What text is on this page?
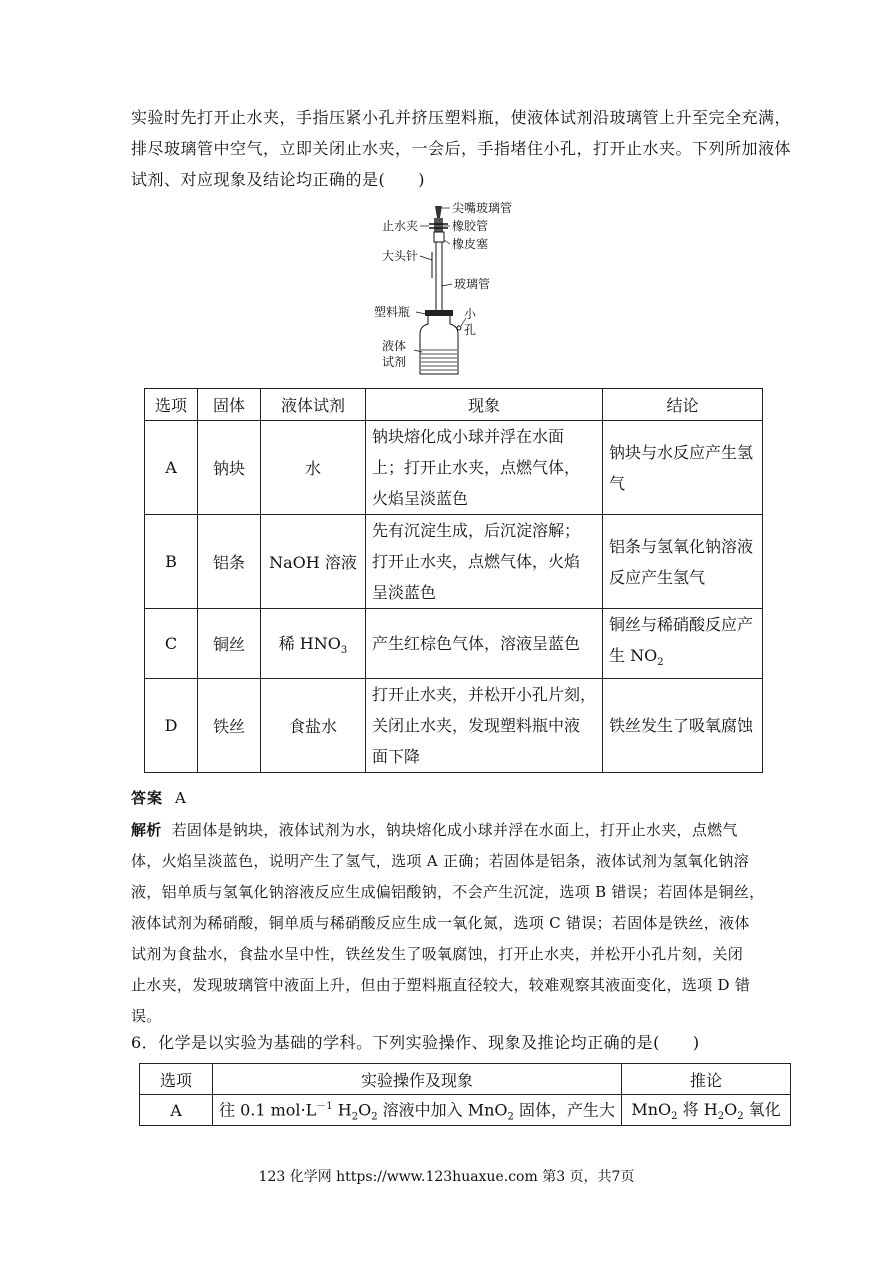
实验时先打开止水夹，手指压紧小孔并挤压塑料瓶，使液体试剂沿玻璃管上升至完全充满，
排尽玻璃管中空气，立即关闭止水夹，一会后，手指堵住小孔，打开止水夹。下列所加液体
试剂、对应现象及结论均正确的是(　　)
尖嘴玻璃管
止水夹	橡胶管
橡皮塞
大头针
玻璃管
塑料瓶	小
孔
液体
试剂
选项	固体	液体试剂	现象	结论
A	钠块	水	钠块熔化成小球并浮在水面
上；打开止水夹，点燃气体，
火焰呈淡蓝色	钠块与水反应产生氢
气

B	铝条	NaOH 溶液	先有沉淀生成，后沉淀溶解；
打开止水夹，点燃气体，火焰
呈淡蓝色	铝条与氢氧化钠溶液
反应产生氢气

C	铜丝	稀 $HNO_3$	产生红棕色气体，溶液呈蓝色	铜丝与稀硝酸反应产
生 $NO_2$

D	铁丝	食盐水	打开止水夹，并松开小孔片刻，
关闭止水夹，发现塑料瓶中液
面下降	铁丝发生了吸氧腐蚀
答案 A
解析 若固体是钠块，液体试剂为水，钠块熔化成小球并浮在水面上，打开止水夹，点燃气
体，火焰呈淡蓝色，说明产生了氢气，选项 A 正确；若固体是铝条，液体试剂为氢氧化钠溶
液，铝单质与氢氧化钠溶液反应生成偏铝酸钠，不会产生沉淀，选项 B 错误；若固体是铜丝，
液体试剂为稀硝酸，铜单质与稀硝酸反应生成一氧化氮，选项 C 错误；若固体是铁丝，液体
试剂为食盐水，食盐水呈中性，铁丝发生了吸氧腐蚀，打开止水夹，并松开小孔片刻，关闭
止水夹，发现玻璃管中液面上升，但由于塑料瓶直径较大，较难观察其液面变化，选项 D 错
误。
6．化学是以实验为基础的学科。下列实验操作、现象及推论均正确的是(　　)
选项	实验操作及现象	推论
A	往 0.1 $mol\cdot L^{-1}$ $H_2O_2$ 溶液中加入 MnO$_2$ 固体，产生大	MnO$_2$ 将 $H_2O_2$ 氧化
123 化学网 https://www.123huaxue.com 第3 页，共7页
